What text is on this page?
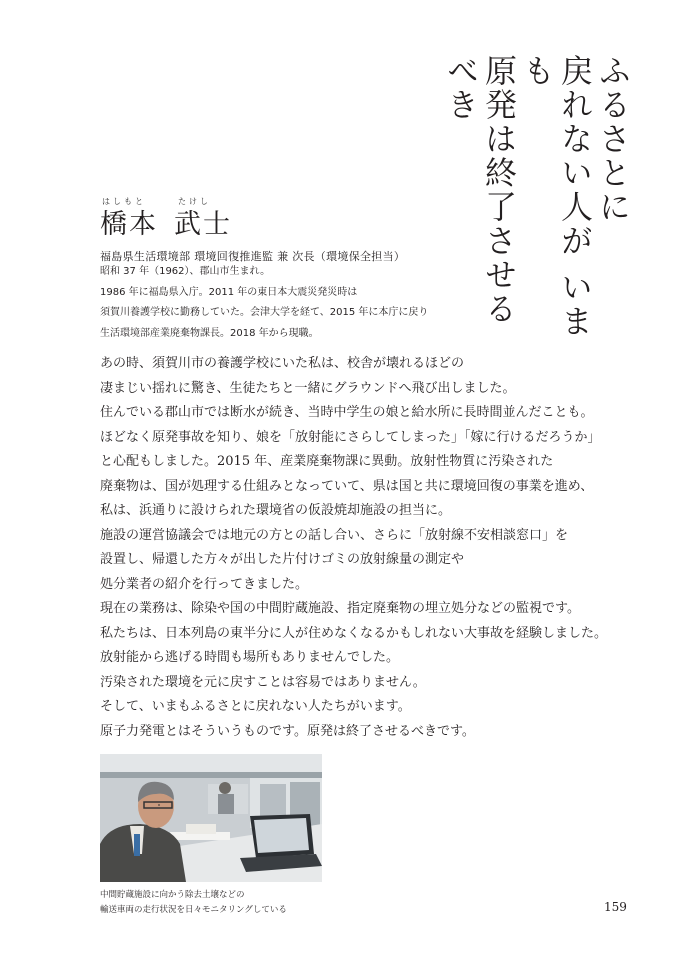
ふるさとに
戻れない人が いまも
原発は終了させるべき
はしもと	たけし
橋本 武士
福島県生活環境部 環境回復推進監 兼 次長（環境保全担当）
昭和 37 年（1962）、郡山市生まれ。
1986 年に福島県入庁。2011 年の東日本大震災発災時は
須賀川養護学校に勤務していた。会津大学を経て、2015 年に本庁に戻り
生活環境部産業廃棄物課長。2018 年から現職。
あの時、須賀川市の養護学校にいた私は、校舎が壊れるほどの
凄まじい揺れに驚き、生徒たちと一緒にグラウンドへ飛び出しました。
住んでいる郡山市では断水が続き、当時中学生の娘と給水所に長時間並んだことも。
ほどなく原発事故を知り、娘を「放射能にさらしてしまった」「嫁に行けるだろうか」
と心配もしました。2015 年、産業廃棄物課に異動。放射性物質に汚染された
廃棄物は、国が処理する仕組みとなっていて、県は国と共に環境回復の事業を進め、
私は、浜通りに設けられた環境省の仮設焼却施設の担当に。
施設の運営協議会では地元の方との話し合い、さらに「放射線不安相談窓口」を
設置し、帰還した方々が出した片付けゴミの放射線量の測定や
処分業者の紹介を行ってきました。
現在の業務は、除染や国の中間貯蔵施設、指定廃棄物の埋立処分などの監視です。
私たちは、日本列島の東半分に人が住めなくなるかもしれない大事故を経験しました。
放射能から逃げる時間も場所もありませんでした。
汚染された環境を元に戻すことは容易ではありません。
そして、いまもふるさとに戻れない人たちがいます。
原子力発電とはそういうものです。原発は終了させるべきです。
中間貯蔵施設に向かう除去土壌などの
輸送車両の走行状況を日々モニタリングしている	159
